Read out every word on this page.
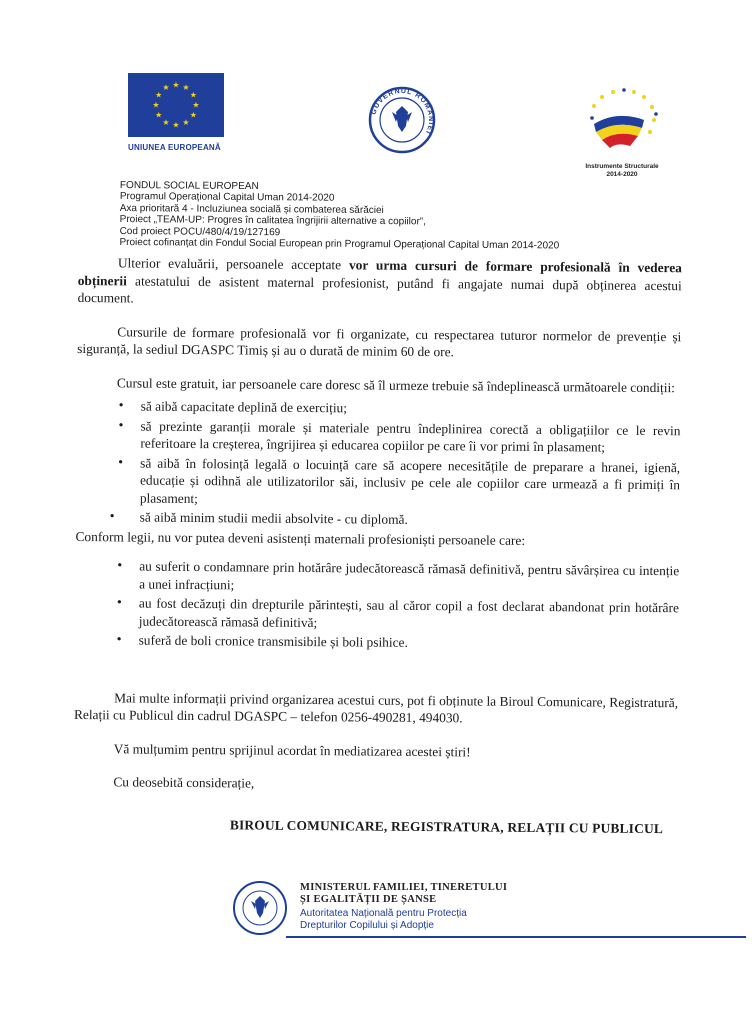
★ ★
★
★
★
★
★
★
★
★
★
★
UNIUNEA EUROPEANĂ
GUVERNUL ROMÂNIEI
Instrumente Structurale
2014-2020
FONDUL SOCIAL EUROPEAN
Programul Operațional Capital Uman 2014-2020
Axa prioritară 4 - Incluziunea socială și combaterea sărăciei
Proiect „TEAM-UP: Progres în calitatea îngrijirii alternative a copiilor”,
Cod proiect POCU/480/4/19/127169
Proiect cofinanțat din Fondul Social European prin Programul Operațional Capital Uman 2014-2020

Ulterior evaluării, persoanele acceptate vor urma cursuri de formare profesională în vederea obținerii atestatului de asistent maternal profesionist, putând fi angajate numai după obținerea acestui document.

Cursurile de formare profesională vor fi organizate, cu respectarea tuturor normelor de prevenție și siguranță, la sediul DGASPC Timiș și au o durată de minim 60 de ore.

Cursul este gratuit, iar persoanele care doresc să îl urmeze trebuie să îndeplinească următoarele condiții:

• să aibă capacitate deplină de exercițiu;
• să prezinte garanții morale și materiale pentru îndeplinirea corectă a obligațiilor ce le revin referitoare la creșterea, îngrijirea și educarea copiilor pe care îi vor primi în plasament;
• să aibă în folosință legală o locuință care să acopere necesitățile de preparare a hranei, igienă, educație și odihnă ale utilizatorilor săi, inclusiv pe cele ale copiilor care urmează a fi primiți în plasament;
• să aibă minim studii medii absolvite - cu diplomă.

Conform legii, nu vor putea deveni asistenți maternali profesioniști persoanele care:

• au suferit o condamnare prin hotărâre judecătorească rămasă definitivă, pentru săvârșirea cu intenție a unei infracțiuni;
• au fost decăzuți din drepturile părintești, sau al căror copil a fost declarat abandonat prin hotărâre judecătorească rămasă definitivă;
• suferă de boli cronice transmisibile și boli psihice.

Mai multe informații privind organizarea acestui curs, pot fi obținute la Biroul Comunicare, Registratură, Relații cu Publicul din cadrul DGASPC – telefon 0256-490281, 494030.

Vă mulțumim pentru sprijinul acordat în mediatizarea acestei știri!

Cu deosebită considerație,

BIROUL COMUNICARE, REGISTRATURA, RELAȚII CU PUBLICUL

MINISTERUL FAMILIEI, TINERETULUI
ȘI EGALITĂȚII DE ȘANSE
Autoritatea Națională pentru Protecția
Drepturilor Copilului și Adopție
